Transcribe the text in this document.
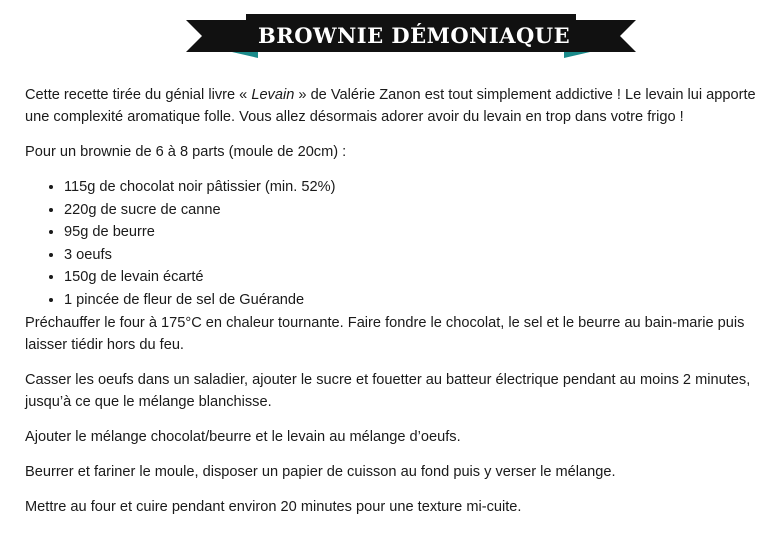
BROWNIE DÉMONIAQUE

Cette recette tirée du génial livre « Levain » de Valérie Zanon est tout simplement addictive ! Le levain lui apporte une complexité aromatique folle. Vous allez désormais adorer avoir du levain en trop dans votre frigo !

Pour un brownie de 6 à 8 parts (moule de 20cm) :

• 115g de chocolat noir pâtissier (min. 52%)
• 220g de sucre de canne
• 95g de beurre
• 3 oeufs
• 150g de levain écarté
• 1 pincée de fleur de sel de Guérande

Préchauffer le four à 175°C en chaleur tournante. Faire fondre le chocolat, le sel et le beurre au bain-marie puis laisser tiédir hors du feu.

Casser les oeufs dans un saladier, ajouter le sucre et fouetter au batteur électrique pendant au moins 2 minutes, jusqu’à ce que le mélange blanchisse.

Ajouter le mélange chocolat/beurre et le levain au mélange d’oeufs.

Beurrer et fariner le moule, disposer un papier de cuisson au fond puis y verser le mélange.

Mettre au four et cuire pendant environ 20 minutes pour une texture mi-cuite.
